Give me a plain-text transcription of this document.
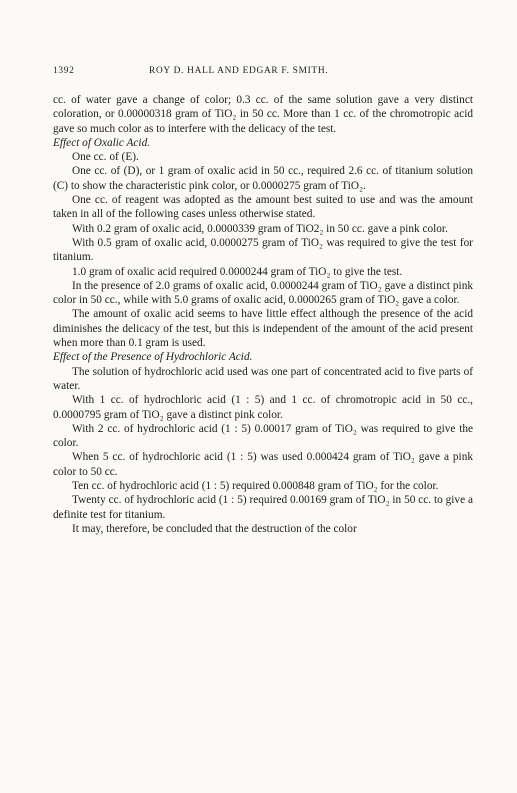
1392	ROY D. HALL AND EDGAR F. SMITH.

cc. of water gave a change of color; 0.3 cc. of the same solution gave a very distinct coloration, or 0.00000318 gram of TiO₂ in 50 cc. More than 1 cc. of the chromotropic acid gave so much color as to interfere with the delicacy of the test.

Effect of Oxalic Acid.

One cc. of (E).

One cc. of (D), or 1 gram of oxalic acid in 50 cc., required 2.6 cc. of titanium solution (C) to show the characteristic pink color, or 0.0000275 gram of TiO₂.

One cc. of reagent was adopted as the amount best suited to use and was the amount taken in all of the following cases unless otherwise stated.

With 0.2 gram of oxalic acid, 0.0000339 gram of TiO2₂ in 50 cc. gave a pink color.

With 0.5 gram of oxalic acid, 0.0000275 gram of TiO₂ was required to give the test for titanium.

1.0 gram of oxalic acid required 0.0000244 gram of TiO₂ to give the test.

In the presence of 2.0 grams of oxalic acid, 0.0000244 gram of TiO₂ gave a distinct pink color in 50 cc., while with 5.0 grams of oxalic acid, 0.0000265 gram of TiO₂ gave a color.

The amount of oxalic acid seems to have little effect although the presence of the acid diminishes the delicacy of the test, but this is independent of the amount of the acid present when more than 0.1 gram is used.

Effect of the Presence of Hydrochloric Acid.

The solution of hydrochloric acid used was one part of concentrated acid to five parts of water.

With 1 cc. of hydrochloric acid (1 : 5) and 1 cc. of chromotropic acid in 50 cc., 0.0000795 gram of TiO₂ gave a distinct pink color.

With 2 cc. of hydrochloric acid (1 : 5) 0.00017 gram of TiO₂ was required to give the color.

When 5 cc. of hydrochloric acid (1 : 5) was used 0.000424 gram of TiO₂ gave a pink color to 50 cc.

Ten cc. of hydrochloric acid (1 : 5) required 0.000848 gram of TiO₂ for the color.

Twenty cc. of hydrochloric acid (1 : 5) required 0.00169 gram of TiO₂ in 50 cc. to give a definite test for titanium.

It may, therefore, be concluded that the destruction of the color
